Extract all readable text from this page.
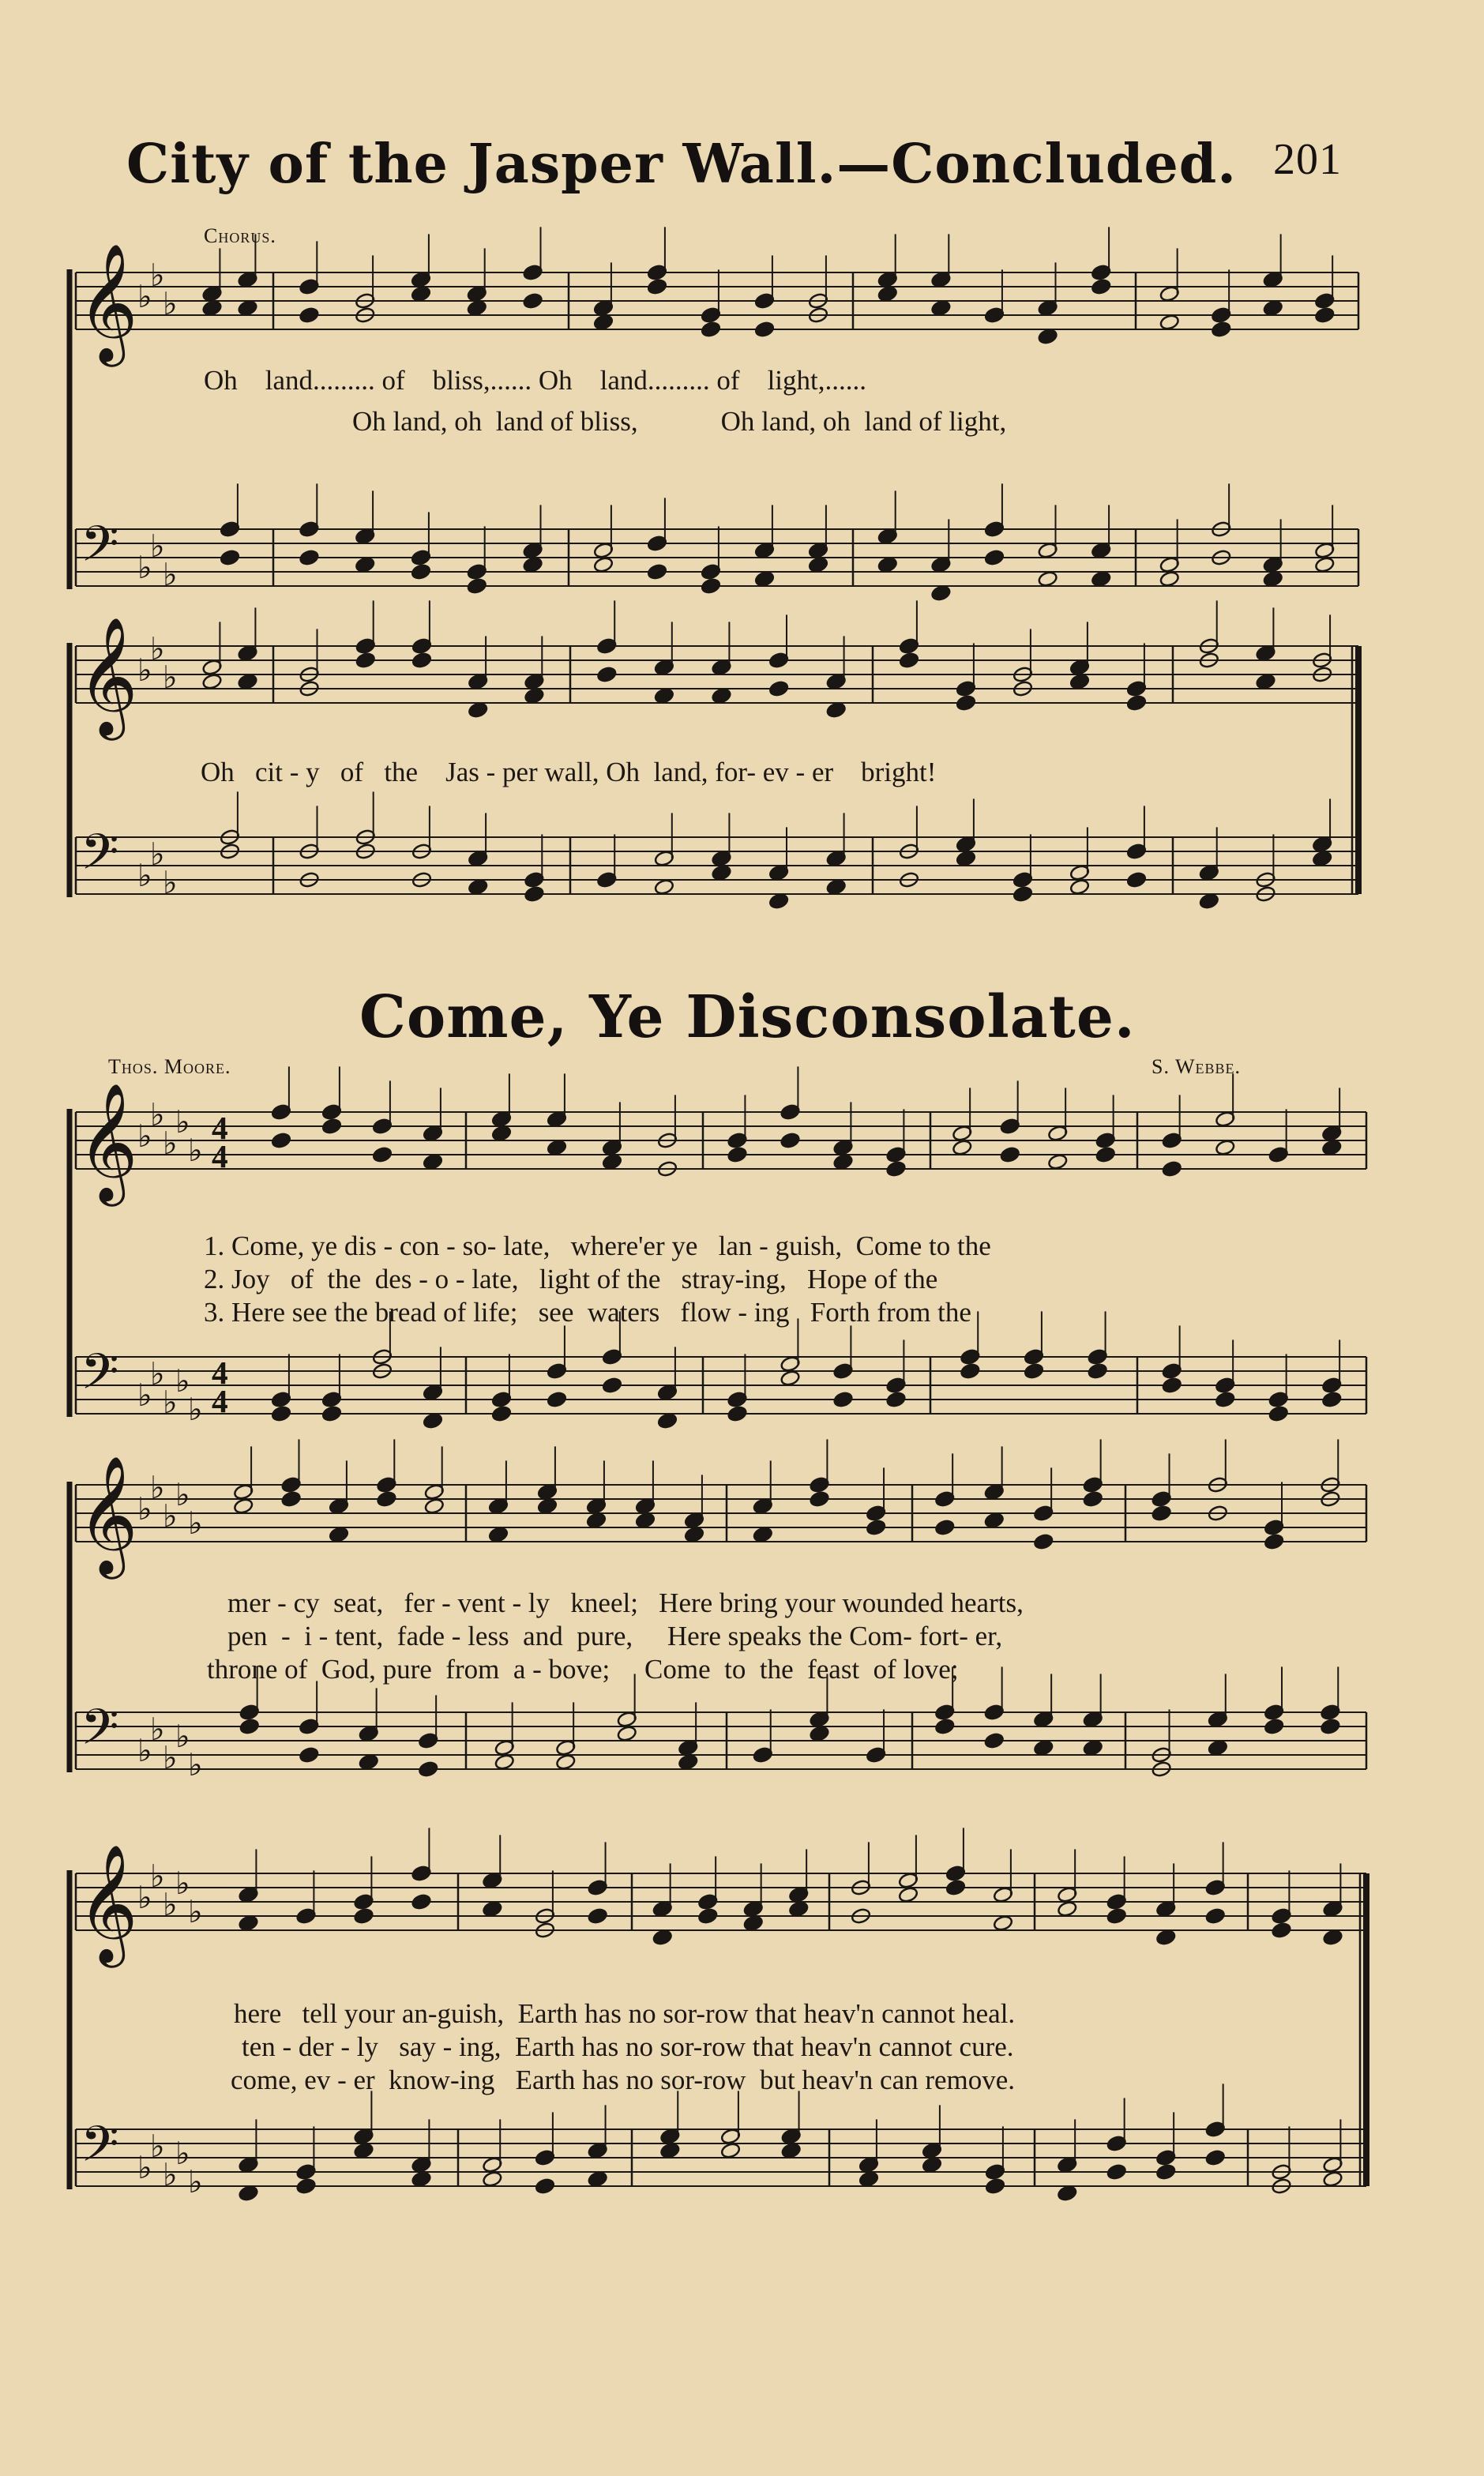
City of the Jasper Wall.—Concluded. 201
Chorus.
Oh    land......... of    bliss,...... Oh    land......... of    light,......
Oh land, oh  land of bliss,            Oh land, oh  land of light,
Oh   cit - y   of   the    Jas - per wall, Oh  land, for- ev - er    bright!
Come, Ye Disconsolate.
Thos. Moore.	S. Webbe.
1. Come, ye dis - con - so- late,   where'er ye   lan - guish,  Come to the
2. Joy   of  the  des - o - late,   light of the   stray-ing,   Hope of the
3. Here see the bread of life;   see  waters   flow - ing   Forth from the
mer - cy  seat,   fer - vent - ly   kneel;   Here bring your wounded hearts,
pen  -  i - tent,  fade - less  and  pure,     Here speaks the Com- fort- er,
throne of  God, pure  from  a - bove;     Come  to  the  feast  of love;
here   tell your an-guish,  Earth has no sor-row that heav'n cannot heal.
ten - der - ly   say - ing,  Earth has no sor-row that heav'n cannot cure.
come, ev - er  know-ing   Earth has no sor-row  but heav'n can remove.
𝄞
𝄢
♭
♭
♭
♭
♭
♭
𝄞
𝄢
♭
♭
♭
♭
♭
♭
𝄞
𝄢
♭
♭
♭
♭
♭
♭
♭
♭
♭
♭
4
4
4
4
𝄞
𝄢
♭
♭
♭
♭
♭
♭
♭
♭
♭
♭
𝄞
𝄢
♭
♭
♭
♭
♭
♭
♭
♭
♭
♭
